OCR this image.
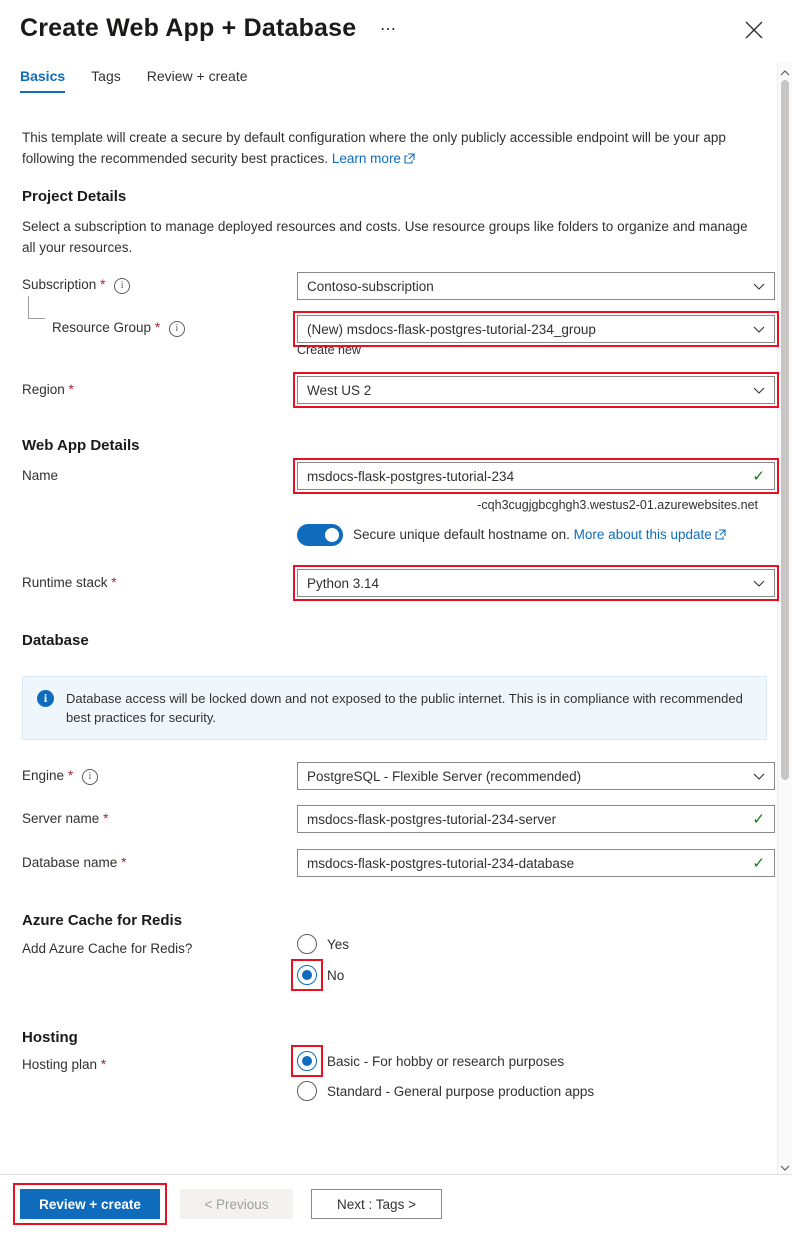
Create Web App + Database ⋯
Basics Tags Review + create
This template will create a secure by default configuration where the only publicly accessible endpoint will be your app following the recommended security best practices. Learn more
Project Details
Select a subscription to manage deployed resources and costs. Use resource groups like folders to organize and manage all your resources.
Subscription * i	Contoso-subscription
Resource Group * i	(New) msdocs-flask-postgres-tutorial-234_group
Create new
Region *	West US 2
Web App Details
Name	msdocs-flask-postgres-tutorial-234	✓
-cqh3cugjgbcghgh3.westus2-01.azurewebsites.net
Secure unique default hostname on. More about this update
Runtime stack *	Python 3.14
Database
i	Database access will be locked down and not exposed to the public internet. This is in compliance with recommended best practices for security.
Engine * i	PostgreSQL - Flexible Server (recommended)
Server name *	msdocs-flask-postgres-tutorial-234-server	✓
Database name *	msdocs-flask-postgres-tutorial-234-database	✓
Azure Cache for Redis
Add Azure Cache for Redis?	Yes
No
Hosting
Hosting plan *	Basic - For hobby or research purposes
Standard - General purpose production apps
Review + create	< Previous	Next : Tags >
